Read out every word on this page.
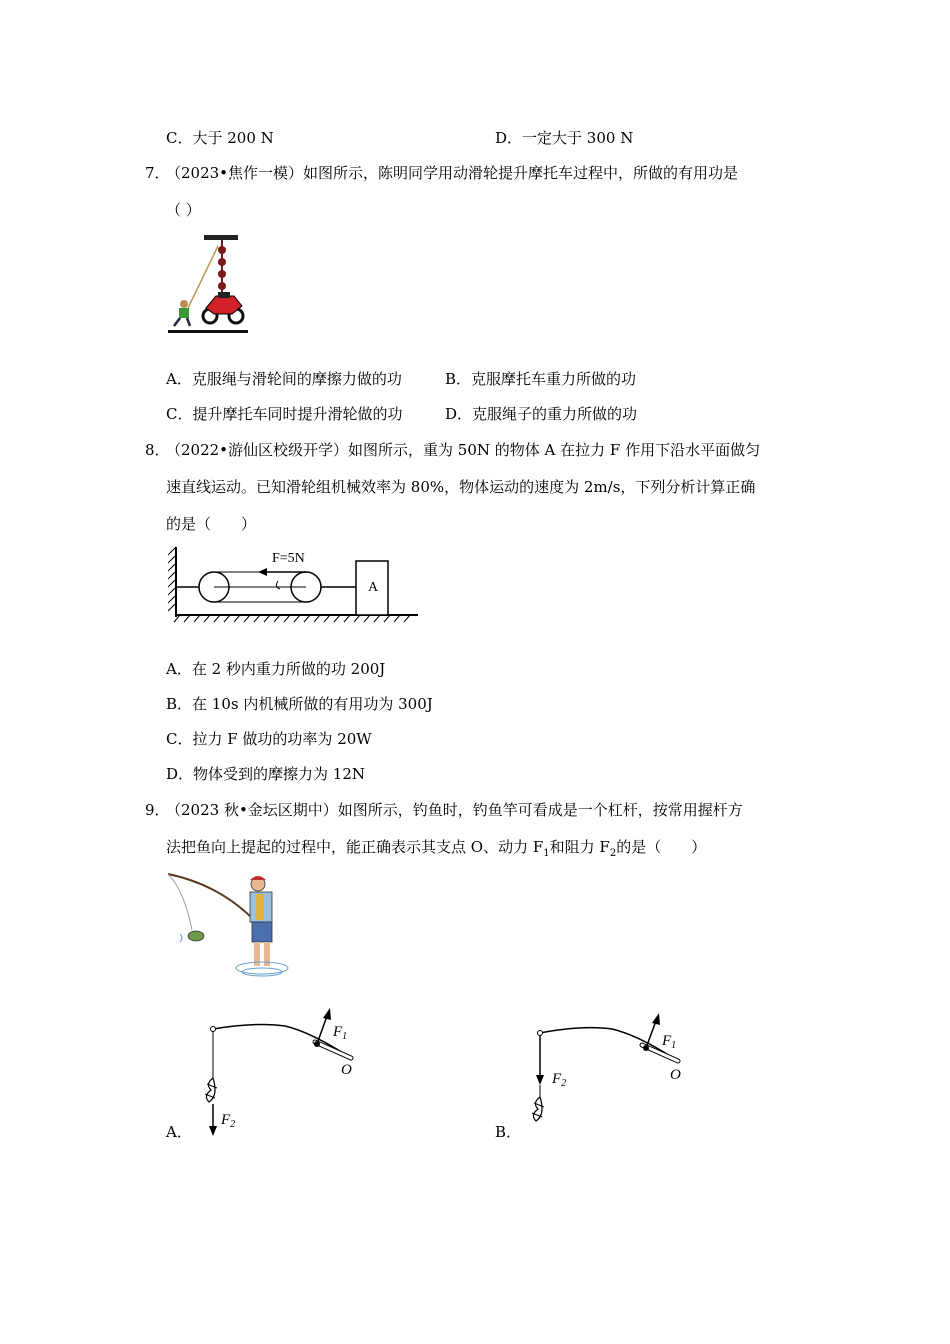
C．大于 200 N	D．一定大于 300 N
7．
（2023•焦作一模）如图所示，陈明同学用动滑轮提升摩托车过程中，所做的有用功是
（ ）
A．克服绳与滑轮间的摩擦力做的功	B．克服摩托车重力所做的功
C．提升摩托车同时提升滑轮做的功	D．克服绳子的重力所做的功
8．
（2022•游仙区校级开学）如图所示，重为 50N 的物体 A 在拉力 F 作用下沿水平面做匀
速直线运动。已知滑轮组机械效率为 80%，物体运动的速度为 2m/s，下列分析计算正确
的是（　　）
F=5N
A
A．在 2 秒内重力所做的功 200J
B．在 10s 内机械所做的有用功为 300J
C．拉力 F 做功的功率为 20W
D．物体受到的摩擦力为 12N
9．
（2023 秋•金坛区期中）如图所示，钓鱼时，钓鱼竿可看成是一个杠杆，按常用握杆方
法把鱼向上提起的过程中，能正确表示其支点 O、动力 $F_1$和阻力 $F_2$的是（　　）
$F_1$
$F_2$
O
A．
$F_1$
$F_2$
O
B．
